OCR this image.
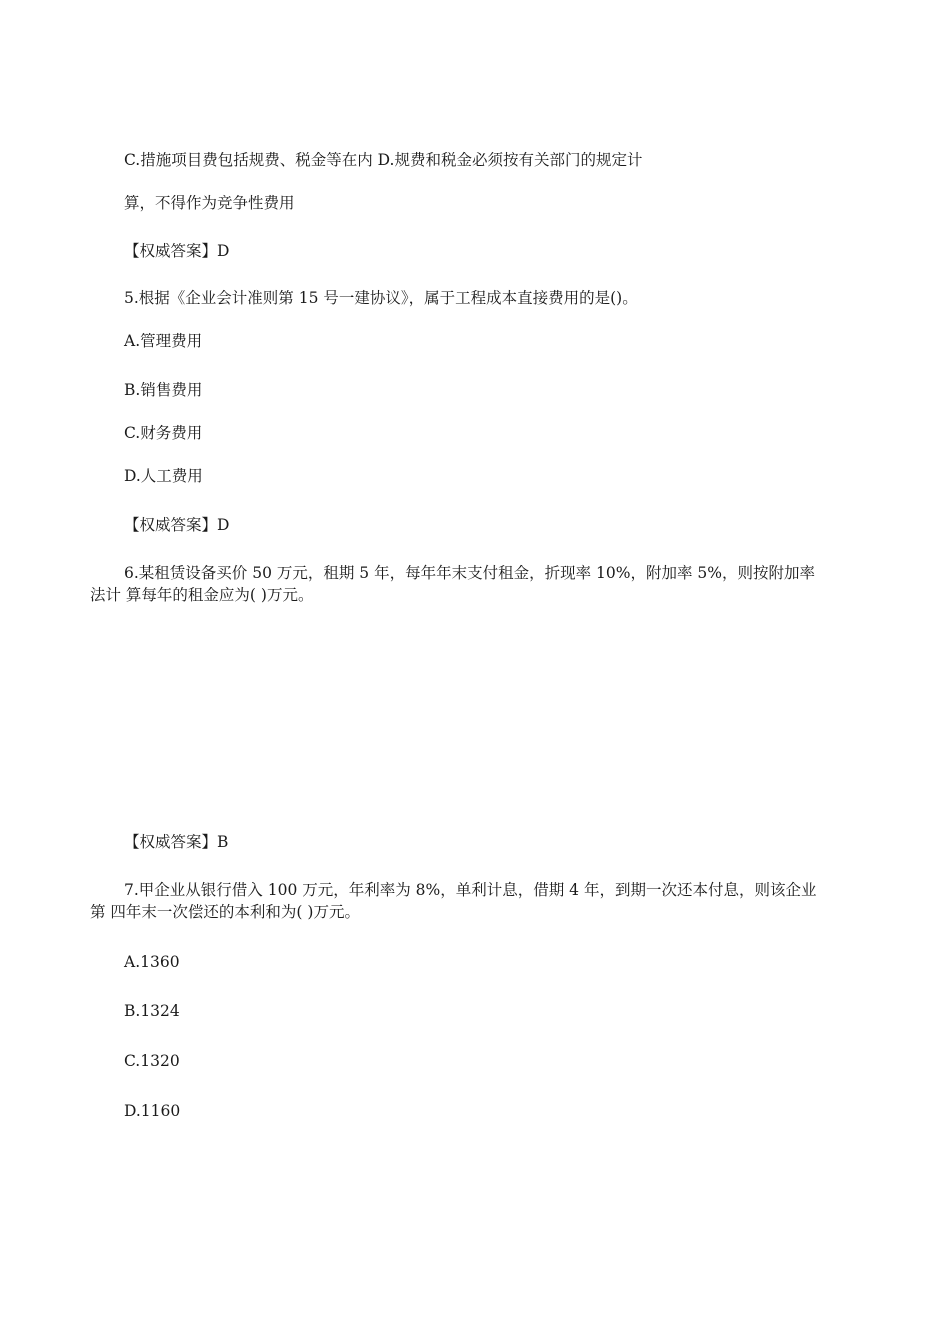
C.措施项目费包括规费、税金等在内 D.规费和税金必须按有关部门的规定计

算，不得作为竞争性费用

【权威答案】D

5.根据《企业会计准则第 15 号一建协议》，属于工程成本直接费用的是()。

A.管理费用

B.销售费用

C.财务费用

D.人工费用

【权威答案】D

6.某租赁设备买价 50 万元，租期 5 年，每年年末支付租金，折现率 10%，附加率 5%，则按附加率

法计 算每年的租金应为( )万元。

【权威答案】B

7.甲企业从银行借入 100 万元，年利率为 8%，单利计息，借期 4 年，到期一次还本付息，则该企业

第 四年末一次偿还的本利和为( )万元。

A.1360

B.1324

C.1320

D.1160
